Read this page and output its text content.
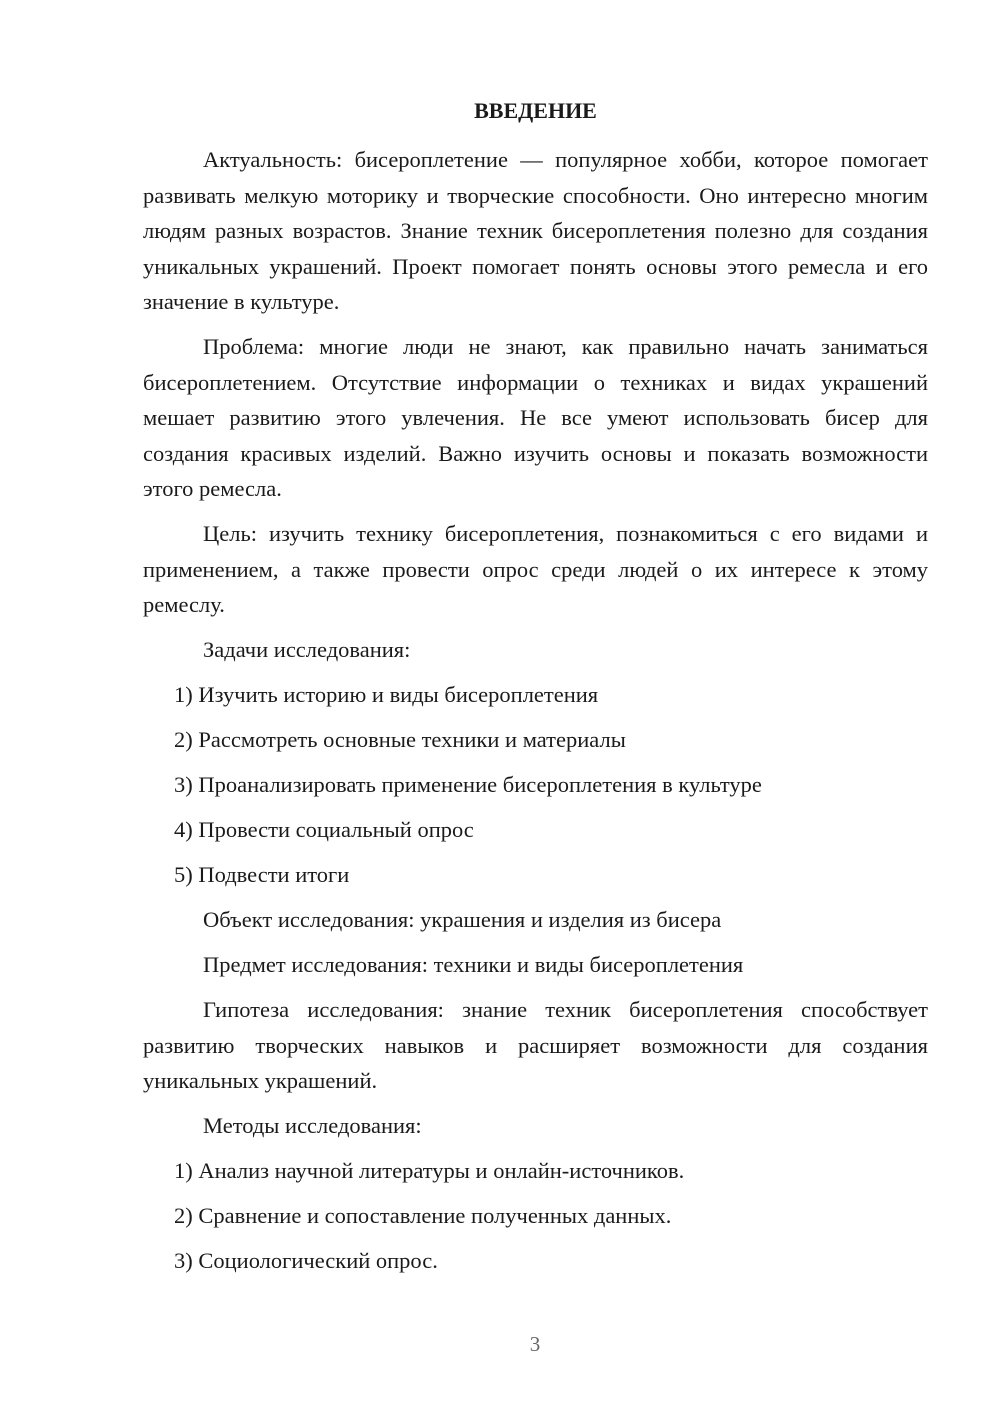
ВВЕДЕНИЕ

Актуальность: бисероплетение — популярное хобби, которое помогает развивать мелкую моторику и творческие способности. Оно интересно многим людям разных возрастов. Знание техник бисероплетения полезно для создания уникальных украшений. Проект помогает понять основы этого ремесла и его значение в культуре.

Проблема: многие люди не знают, как правильно начать заниматься бисероплетением. Отсутствие информации о техниках и видах украшений мешает развитию этого увлечения. Не все умеют использовать бисер для создания красивых изделий. Важно изучить основы и показать возможности этого ремесла.

Цель: изучить технику бисероплетения, познакомиться с его видами и применением, а также провести опрос среди людей о их интересе к этому ремеслу.

Задачи исследования:

1) Изучить историю и виды бисероплетения

2) Рассмотреть основные техники и материалы

3) Проанализировать применение бисероплетения в культуре

4) Провести социальный опрос

5) Подвести итоги

Объект исследования: украшения и изделия из бисера

Предмет исследования: техники и виды бисероплетения

Гипотеза исследования: знание техник бисероплетения способствует развитию творческих навыков и расширяет возможности для создания уникальных украшений.

Методы исследования:

1) Анализ научной литературы и онлайн-источников.

2) Сравнение и сопоставление полученных данных.

3) Социологический опрос.

3
